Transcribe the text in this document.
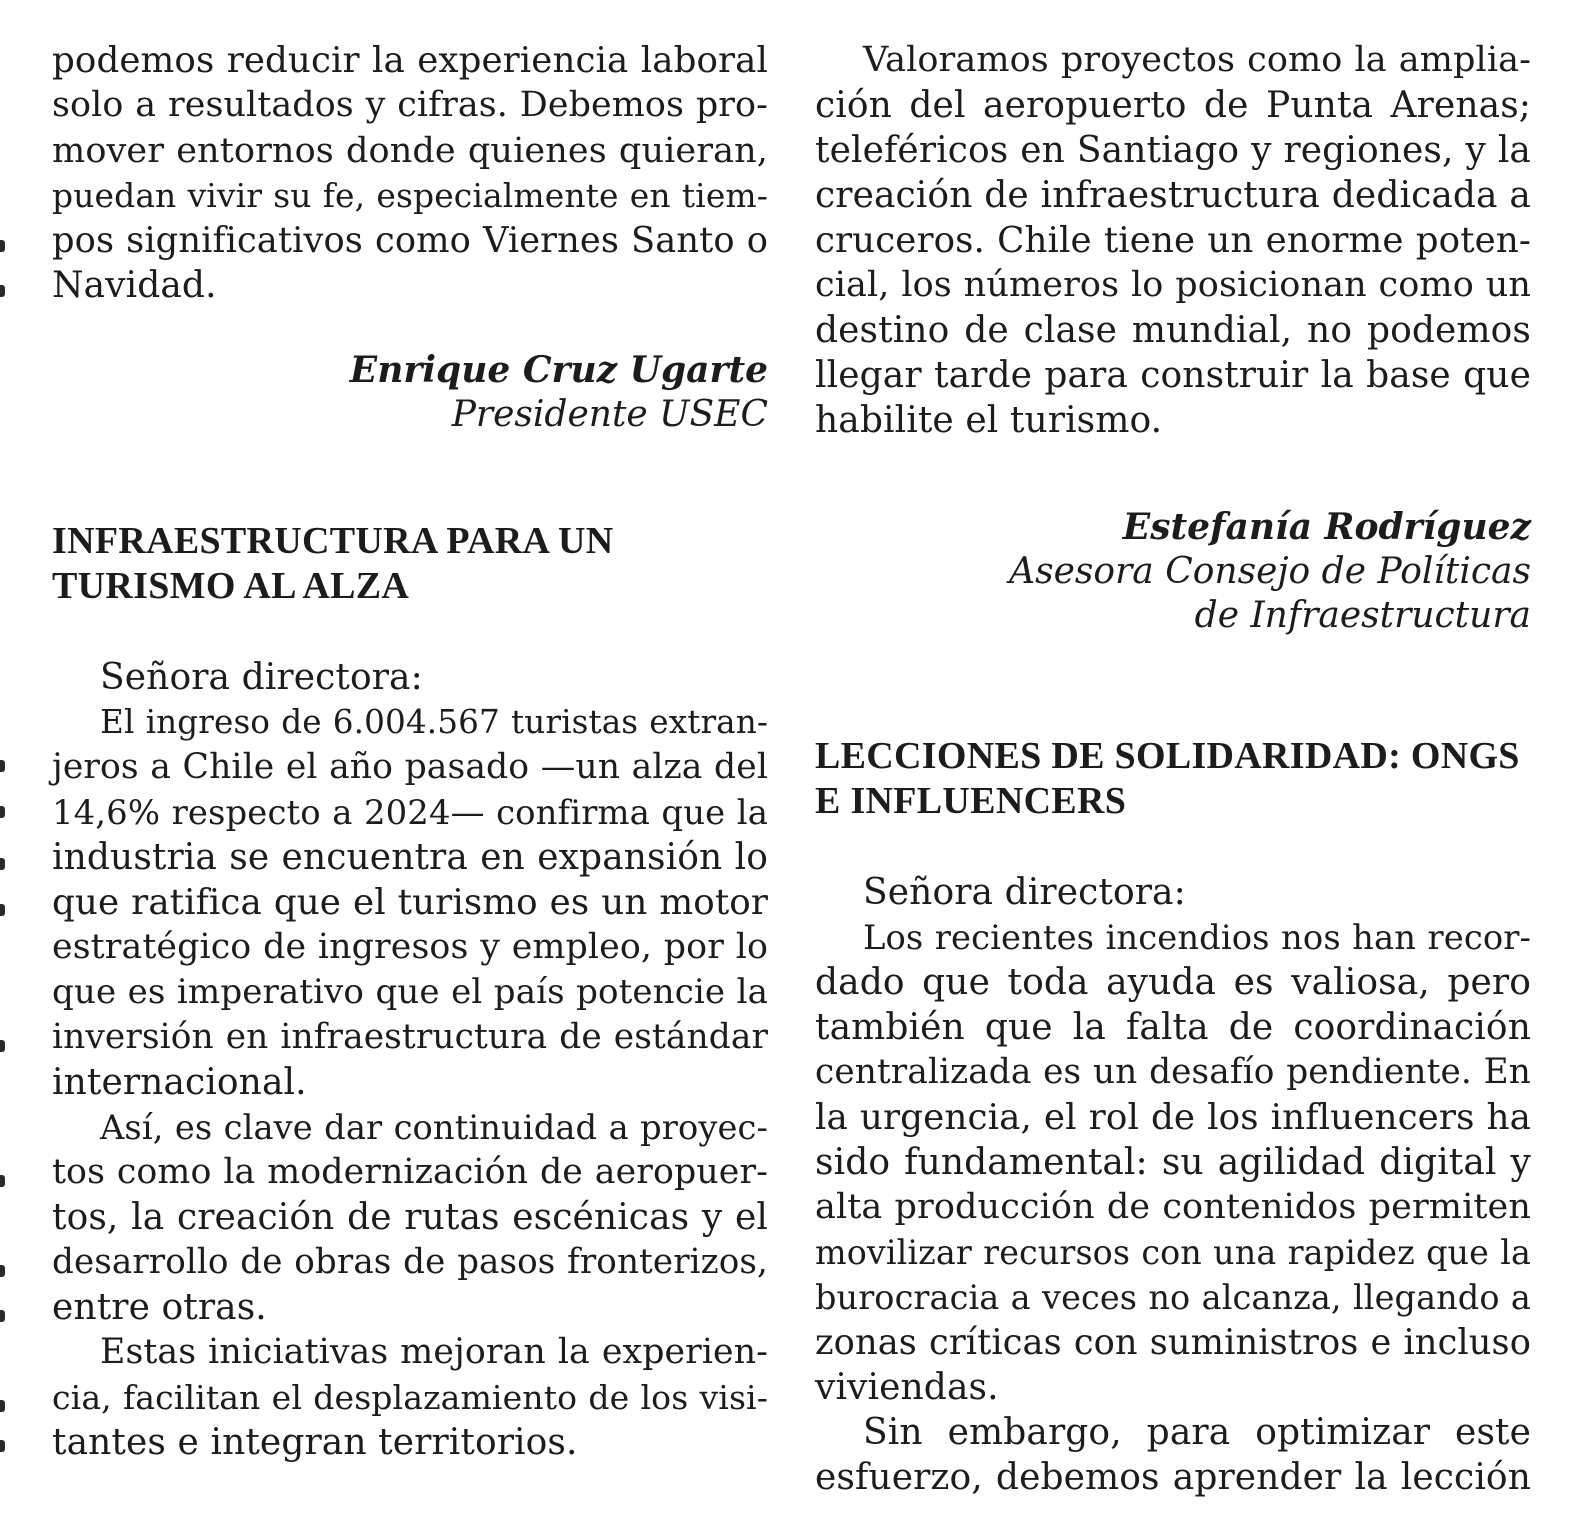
podemos reducir la experiencia laboral
solo a resultados y cifras. Debemos pro-
mover entornos donde quienes quieran,
puedan vivir su fe, especialmente en tiem-
pos significativos como Viernes Santo o
Navidad.
Enrique Cruz Ugarte
Presidente USEC
INFRAESTRUCTURA PARA UN
TURISMO AL ALZA
Señora directora:
El ingreso de 6.004.567 turistas extran-
jeros a Chile el año pasado —un alza del
14,6% respecto a 2024— confirma que la
industria se encuentra en expansión lo
que ratifica que el turismo es un motor
estratégico de ingresos y empleo, por lo
que es imperativo que el país potencie la
inversión en infraestructura de estándar
internacional.
Así, es clave dar continuidad a proyec-
tos como la modernización de aeropuer-
tos, la creación de rutas escénicas y el
desarrollo de obras de pasos fronterizos,
entre otras.
Estas iniciativas mejoran la experien-
cia, facilitan el desplazamiento de los visi-
tantes e integran territorios.
Valoramos proyectos como la amplia-
ción del aeropuerto de Punta Arenas;
teleféricos en Santiago y regiones, y la
creación de infraestructura dedicada a
cruceros. Chile tiene un enorme poten-
cial, los números lo posicionan como un
destino de clase mundial, no podemos
llegar tarde para construir la base que
habilite el turismo.
Estefanía Rodríguez
Asesora Consejo de Políticas
de Infraestructura
LECCIONES DE SOLIDARIDAD: ONGS
E INFLUENCERS
Señora directora:
Los recientes incendios nos han recor-
dado que toda ayuda es valiosa, pero
también que la falta de coordinación
centralizada es un desafío pendiente. En
la urgencia, el rol de los influencers ha
sido fundamental: su agilidad digital y
alta producción de contenidos permiten
movilizar recursos con una rapidez que la
burocracia a veces no alcanza, llegando a
zonas críticas con suministros e incluso
viviendas.
Sin embargo, para optimizar este
esfuerzo, debemos aprender la lección
